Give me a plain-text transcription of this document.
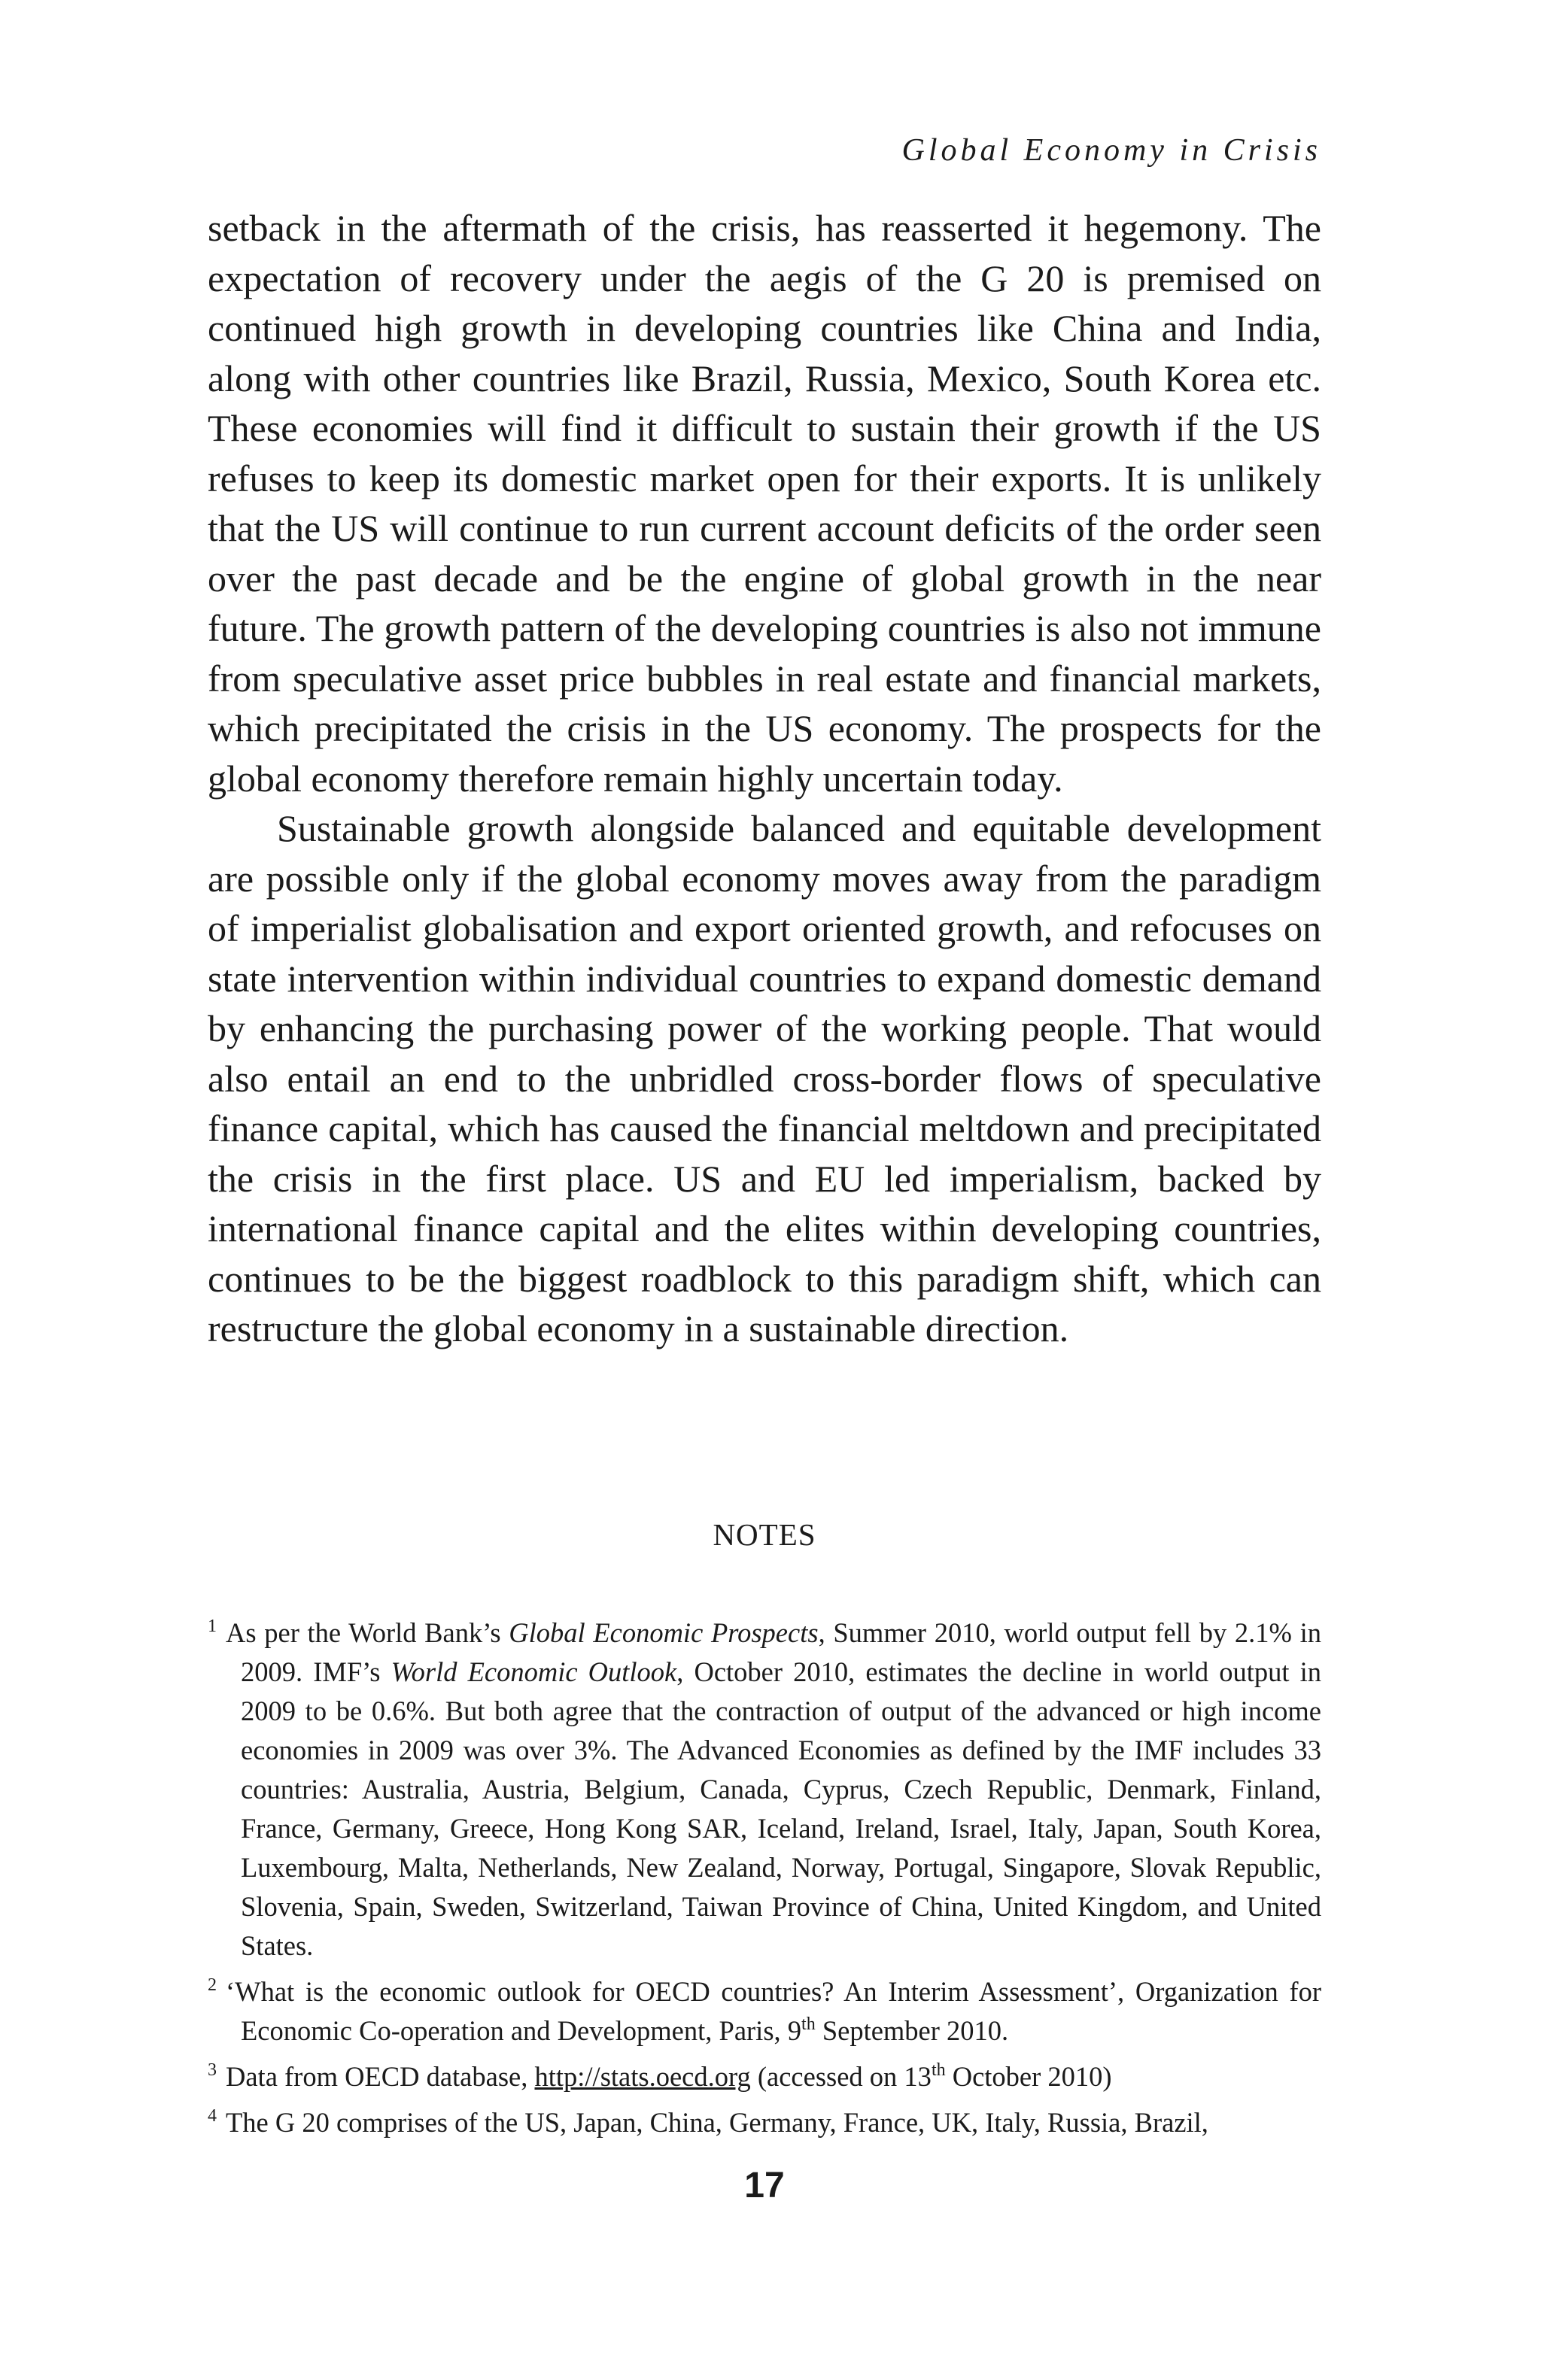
Global Economy in Crisis

setback in the aftermath of the crisis, has reasserted it hegemony. The expectation of recovery under the aegis of the G 20 is premised on continued high growth in developing countries like China and India, along with other countries like Brazil, Russia, Mexico, South Korea etc. These economies will find it difficult to sustain their growth if the US refuses to keep its domestic market open for their exports. It is unlikely that the US will continue to run current account deficits of the order seen over the past decade and be the engine of global growth in the near future. The growth pattern of the developing countries is also not immune from speculative asset price bubbles in real estate and financial markets, which precipitated the crisis in the US economy. The prospects for the global economy therefore remain highly uncertain today.

Sustainable growth alongside balanced and equitable development are possible only if the global economy moves away from the paradigm of imperialist globalisation and export oriented growth, and refocuses on state intervention within individual countries to expand domestic demand by enhancing the purchasing power of the working people. That would also entail an end to the unbridled cross-border flows of speculative finance capital, which has caused the financial meltdown and precipitated the crisis in the first place. US and EU led imperialism, backed by international finance capital and the elites within developing countries, continues to be the biggest roadblock to this paradigm shift, which can restructure the global economy in a sustainable direction.

NOTES
1 As per the World Bank’s Global Economic Prospects, Summer 2010, world output fell by 2.1% in 2009. IMF’s World Economic Outlook, October 2010, estimates the decline in world output in 2009 to be 0.6%. But both agree that the contraction of output of the advanced or high income economies in 2009 was over 3%. The Advanced Economies as defined by the IMF includes 33 countries: Australia, Austria, Belgium, Canada, Cyprus, Czech Republic, Denmark, Finland, France, Germany, Greece, Hong Kong SAR, Iceland, Ireland, Israel, Italy, Japan, South Korea, Luxembourg, Malta, Netherlands, New Zealand, Norway, Portugal, Singapore, Slovak Republic, Slovenia, Spain, Sweden, Switzerland, Taiwan Province of China, United Kingdom, and United States.
2 ‘What is the economic outlook for OECD countries? An Interim Assessment’, Organization for Economic Co-operation and Development, Paris, 9th September 2010.
3 Data from OECD database, http://stats.oecd.org (accessed on 13th October 2010)
4 The G 20 comprises of the US, Japan, China, Germany, France, UK, Italy, Russia, Brazil,
17
